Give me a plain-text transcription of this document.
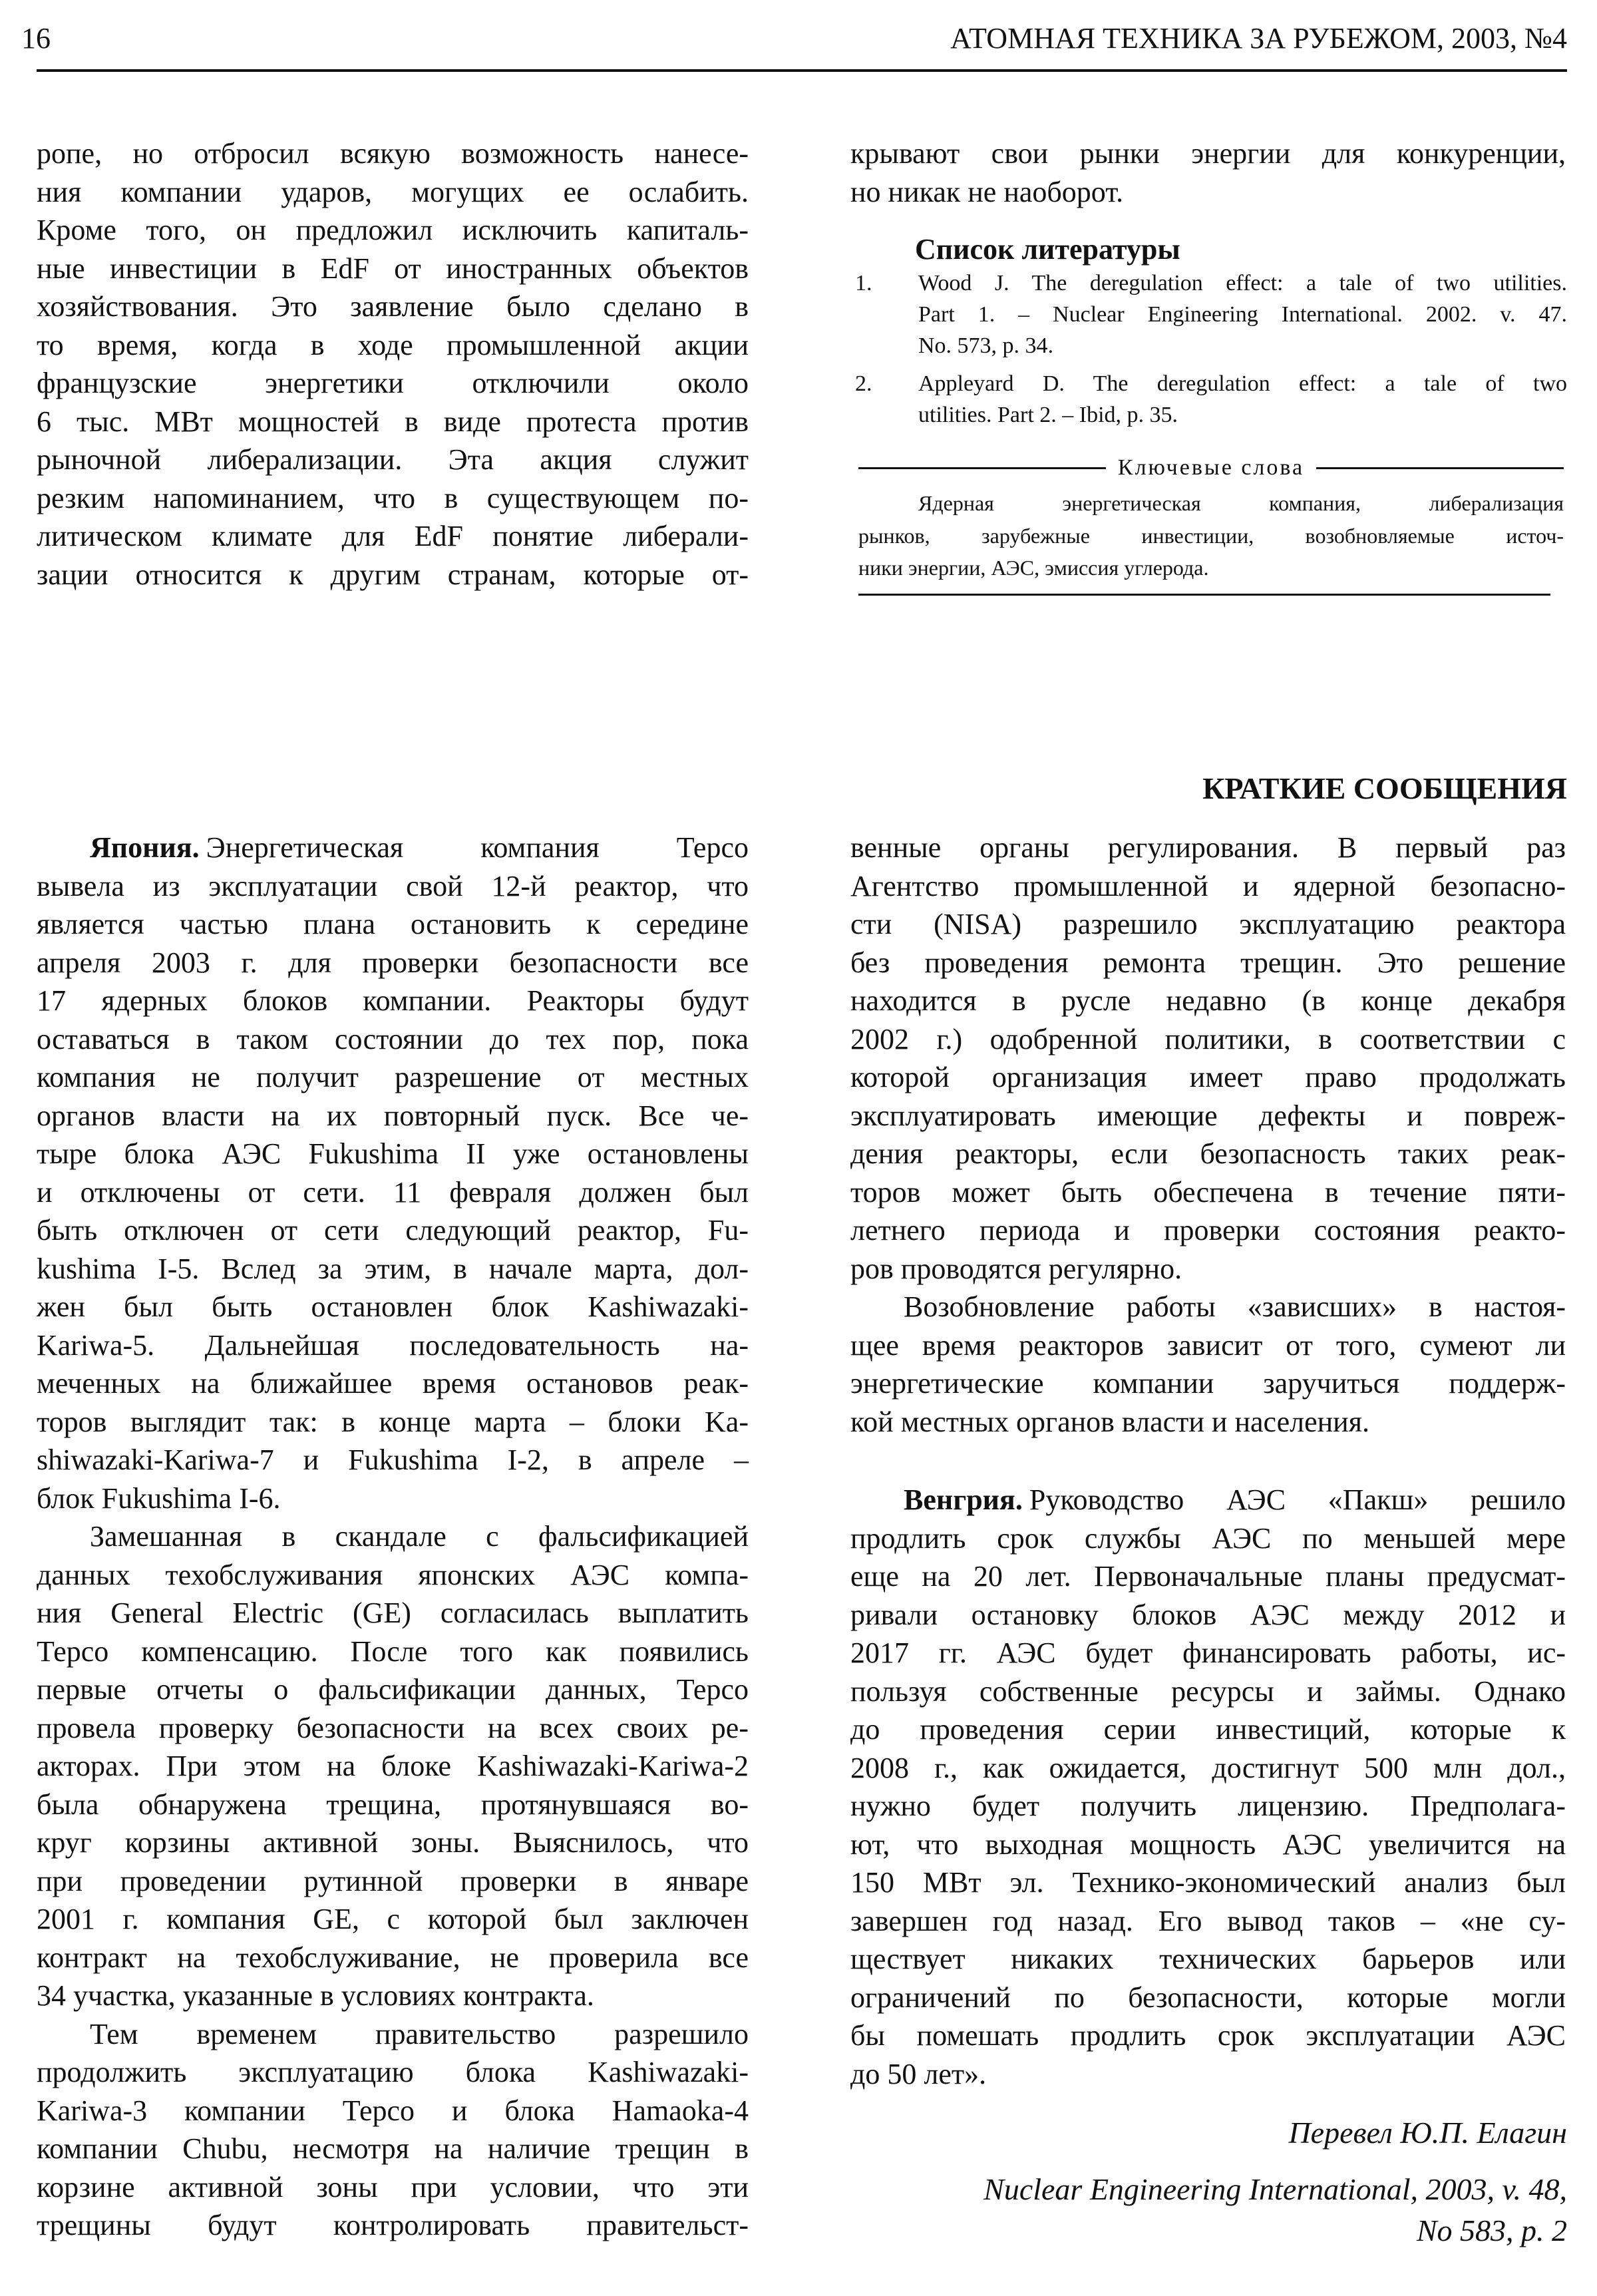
16	АТОМНАЯ ТЕХНИКА ЗА РУБЕЖОМ, 2003, №4
ропе, но отбросил всякую возможность нанесе-
ния компании ударов, могущих ее ослабить.
Кроме того, он предложил исключить капиталь-
ные инвестиции в EdF от иностранных объектов
хозяйствования. Это заявление было сделано в
то время, когда в ходе промышленной акции
французские энергетики отключили около
6 тыс. МВт мощностей в виде протеста против
рыночной либерализации. Эта акция служит
резким напоминанием, что в существующем по-
литическом климате для EdF понятие либерали-
зации относится к другим странам, которые от-
крывают свои рынки энергии для конкуренции,
но никак не наоборот.
Список литературы
1. Wood J. The deregulation effect: a tale of two utilities.
Part 1. – Nuclear Engineering International. 2002. v. 47.
No. 573, p. 34.
2. Appleyard D. The deregulation effect: a tale of two
utilities. Part 2. – Ibid, p. 35.
Ключевые слова
Ядерная энергетическая компания, либерализация
рынков, зарубежные инвестиции, возобновляемые источ-
ники энергии, АЭС, эмиссия углерода.
КРАТКИЕ СООБЩЕНИЯ
Япония. Энергетическая компания Терсо
вывела из эксплуатации свой 12-й реактор, что
является частью плана остановить к середине
апреля 2003 г. для проверки безопасности все
17 ядерных блоков компании. Реакторы будут
оставаться в таком состоянии до тех пор, пока
компания не получит разрешение от местных
органов власти на их повторный пуск. Все че-
тыре блока АЭС Fukushima II уже остановлены
и отключены от сети. 11 февраля должен был
быть отключен от сети следующий реактор, Fu-
kushima I-5. Вслед за этим, в начале марта, дол-
жен был быть остановлен блок Kashiwazaki-
Kariwa-5. Дальнейшая последовательность на-
меченных на ближайшее время остановов реак-
торов выглядит так: в конце марта – блоки Ka-
shiwazaki-Kariwa-7 и Fukushima I-2, в апреле –
блок Fukushima I-6.
Замешанная в скандале с фальсификацией
данных техобслуживания японских АЭС компа-
ния General Electric (GE) согласилась выплатить
Терсо компенсацию. После того как появились
первые отчеты о фальсификации данных, Терсо
провела проверку безопасности на всех своих ре-
акторах. При этом на блоке Kashiwazaki-Kariwa-2
была обнаружена трещина, протянувшаяся во-
круг корзины активной зоны. Выяснилось, что
при проведении рутинной проверки в январе
2001 г. компания GE, с которой был заключен
контракт на техобслуживание, не проверила все
34 участка, указанные в условиях контракта.
Тем временем правительство разрешило
продолжить эксплуатацию блока Kashiwazaki-
Kariwa-3 компании Терсо и блока Hamaoka-4
компании Chubu, несмотря на наличие трещин в
корзине активной зоны при условии, что эти
трещины будут контролировать правительст-
венные органы регулирования. В первый раз
Агентство промышленной и ядерной безопасно-
сти (NISA) разрешило эксплуатацию реактора
без проведения ремонта трещин. Это решение
находится в русле недавно (в конце декабря
2002 г.) одобренной политики, в соответствии с
которой организация имеет право продолжать
эксплуатировать имеющие дефекты и повреж-
дения реакторы, если безопасность таких реак-
торов может быть обеспечена в течение пяти-
летнего периода и проверки состояния реакто-
ров проводятся регулярно.
Возобновление работы «зависших» в настоя-
щее время реакторов зависит от того, сумеют ли
энергетические компании заручиться поддерж-
кой местных органов власти и населения.
Венгрия. Руководство АЭС «Пакш» решило
продлить срок службы АЭС по меньшей мере
еще на 20 лет. Первоначальные планы предусмат-
ривали остановку блоков АЭС между 2012 и
2017 гг. АЭС будет финансировать работы, ис-
пользуя собственные ресурсы и займы. Однако
до проведения серии инвестиций, которые к
2008 г., как ожидается, достигнут 500 млн дол.,
нужно будет получить лицензию. Предполага-
ют, что выходная мощность АЭС увеличится на
150 МВт эл. Технико-экономический анализ был
завершен год назад. Его вывод таков – «не су-
ществует никаких технических барьеров или
ограничений по безопасности, которые могли
бы помешать продлить срок эксплуатации АЭС
до 50 лет».
Перевел Ю.П. Елагин
Nuclear Engineering International, 2003, v. 48,
No 583, p. 2
